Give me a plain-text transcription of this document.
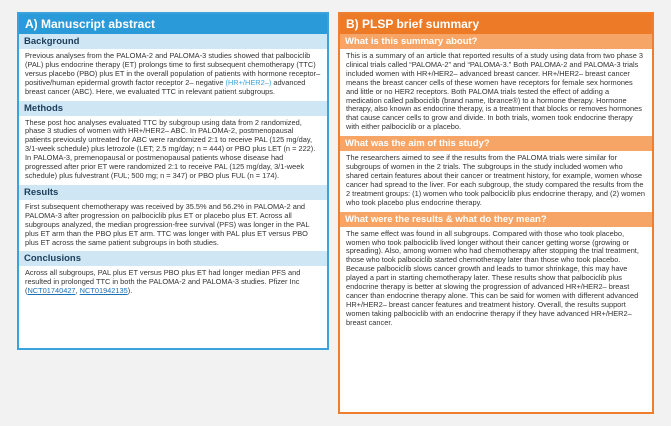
A) Manuscript abstract
Background
Previous analyses from the PALOMA-2 and PALOMA-3 studies showed that palbociclib (PAL) plus endocrine therapy (ET) prolongs time to first subsequent chemotherapy (TTC) versus placebo (PBO) plus ET in the overall population of patients with hormone receptor–positive/human epidermal growth factor receptor 2– negative (HR+/HER2–) advanced breast cancer (ABC). Here, we evaluated TTC in relevant patient subgroups.
Methods
These post hoc analyses evaluated TTC by subgroup using data from 2 randomized, phase 3 studies of women with HR+/HER2– ABC. In PALOMA-2, postmenopausal patients previously untreated for ABC were randomized 2:1 to receive PAL (125 mg/day, 3/1-week schedule) plus letrozole (LET; 2.5 mg/day; n = 444) or PBO plus LET (n = 222). In PALOMA-3, premenopausal or postmenopausal patients whose disease had progressed after prior ET were randomized 2:1 to receive PAL (125 mg/day, 3/1-week schedule) plus fulvestrant (FUL; 500 mg; n = 347) or PBO plus FUL (n = 174).
Results
First subsequent chemotherapy was received by 35.5% and 56.2% in PALOMA-2 and PALOMA-3 after progression on palbociclib plus ET or placebo plus ET. Across all subgroups analyzed, the median progression-free survival (PFS) was longer in the PAL plus ET arm than the PBO plus ET arm. TTC was longer with PAL plus ET versus PBO plus ET across the same patient subgroups in both studies.
Conclusions
Across all subgroups, PAL plus ET versus PBO plus ET had longer median PFS and resulted in prolonged TTC in both the PALOMA-2 and PALOMA-3 studies. Pfizer Inc (NCT01740427, NCT01942135).
B) PLSP brief summary
What is this summary about?
This is a summary of an article that reported results of a study using data from two phase 3 clinical trials called “PALOMA-2” and “PALOMA-3.” Both PALOMA-2 and PALOMA-3 trials included women with HR+/HER2– advanced breast cancer. HR+/HER2– breast cancer means the breast cancer cells of these women have receptors for female sex hormones and little or no HER2 receptors. Both PALOMA trials tested the effect of adding a medication called palbociclib (brand name, Ibrance®) to a hormone therapy. Hormone therapy, also known as endocrine therapy, is a treatment that blocks or removes hormones that cause cancer cells to grow and divide. In both trials, women took endocrine therapy with either palbociclib or a placebo.
What was the aim of this study?
The researchers aimed to see if the results from the PALOMA trials were similar for subgroups of women in the 2 trials. The subgroups in the study included women who shared certain features about their cancer or treatment history, for example, women whose cancer had spread to the liver. For each subgroup, the study compared the results from the 2 treatment groups: (1) women who took palbociclib plus endocrine therapy, and (2) women who took placebo plus endocrine therapy.
What were the results & what do they mean?
The same effect was found in all subgroups. Compared with those who took placebo, women who took palbociclib lived longer without their cancer getting worse (growing or spreading). Also, among women who had chemotherapy after stopping the trial treatment, those who took palbociclib started chemotherapy later than those who took placebo. Because palbociclib slows cancer growth and leads to tumor shrinkage, this may have played a part in starting chemotherapy later. These results show that palbociclib plus endocrine therapy is better at slowing the progression of advanced HR+/HER2– breast cancer than endocrine therapy alone. This can be said for women with different advanced HR+/HER2– breast cancer features and treatment history. Overall, the results support women taking palbociclib with an endocrine therapy if they have advanced HR+/HER2– breast cancer.
